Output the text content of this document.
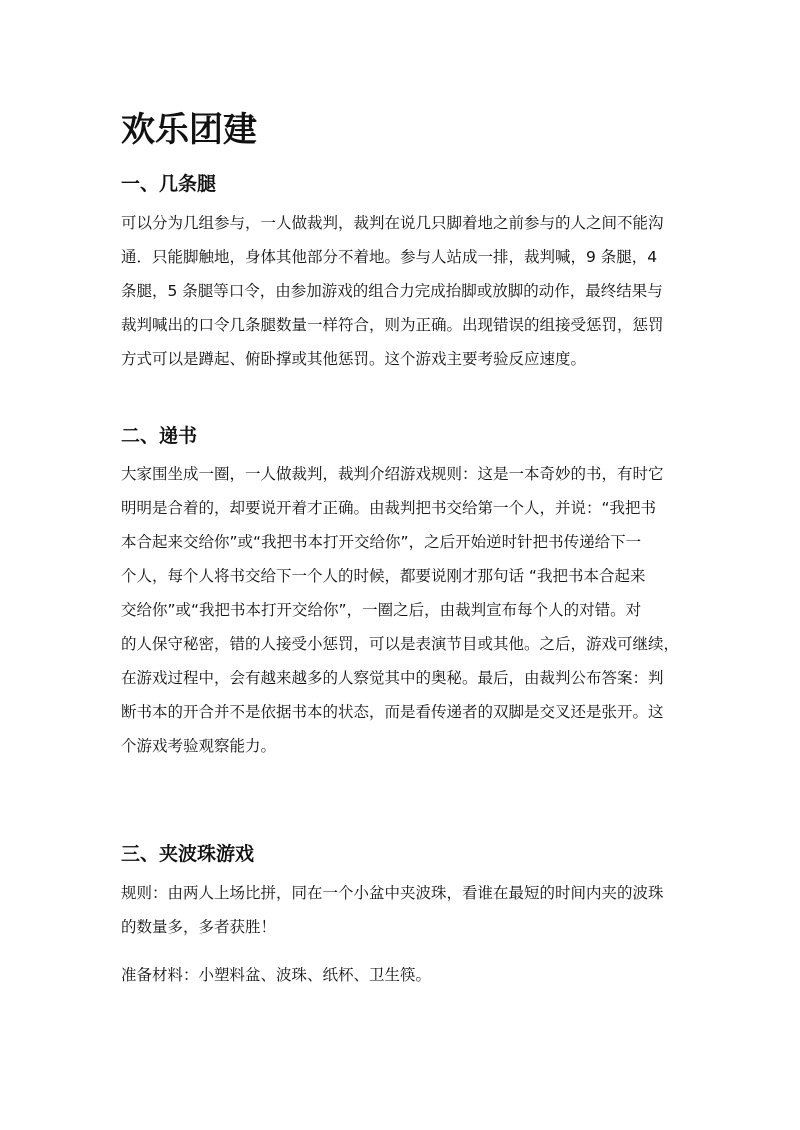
欢乐团建
一、几条腿

可以分为几组参与，一人做裁判，裁判在说几只脚着地之前参与的人之间不能沟
通．只能脚触地，身体其他部分不着地。参与人站成一排，裁判喊，9 条腿，4
条腿，5 条腿等口令，由参加游戏的组合力完成抬脚或放脚的动作，最终结果与
裁判喊出的口令几条腿数量一样符合，则为正确。出现错误的组接受惩罚，惩罚
方式可以是蹲起、俯卧撑或其他惩罚。这个游戏主要考验反应速度。

二、递书

大家围坐成一圈，一人做裁判，裁判介绍游戏规则：这是一本奇妙的书，有时它
明明是合着的，却要说开着才正确。由裁判把书交给第一个人，并说：“我把书
本合起来交给你”或“我把书本打开交给你”，之后开始逆时针把书传递给下一
个人，每个人将书交给下一个人的时候，都要说刚才那句话 “我把书本合起来
交给你”或“我把书本打开交给你”，一圈之后，由裁判宣布每个人的对错。对
的人保守秘密，错的人接受小惩罚，可以是表演节目或其他。之后，游戏可继续，
在游戏过程中，会有越来越多的人察觉其中的奥秘。最后，由裁判公布答案：判
断书本的开合并不是依据书本的状态，而是看传递者的双脚是交叉还是张开。这
个游戏考验观察能力。

三、夹波珠游戏

规则：由两人上场比拼，同在一个小盆中夹波珠，看谁在最短的时间内夹的波珠
的数量多，多者获胜！

准备材料：小塑料盆、波珠、纸杯、卫生筷。
